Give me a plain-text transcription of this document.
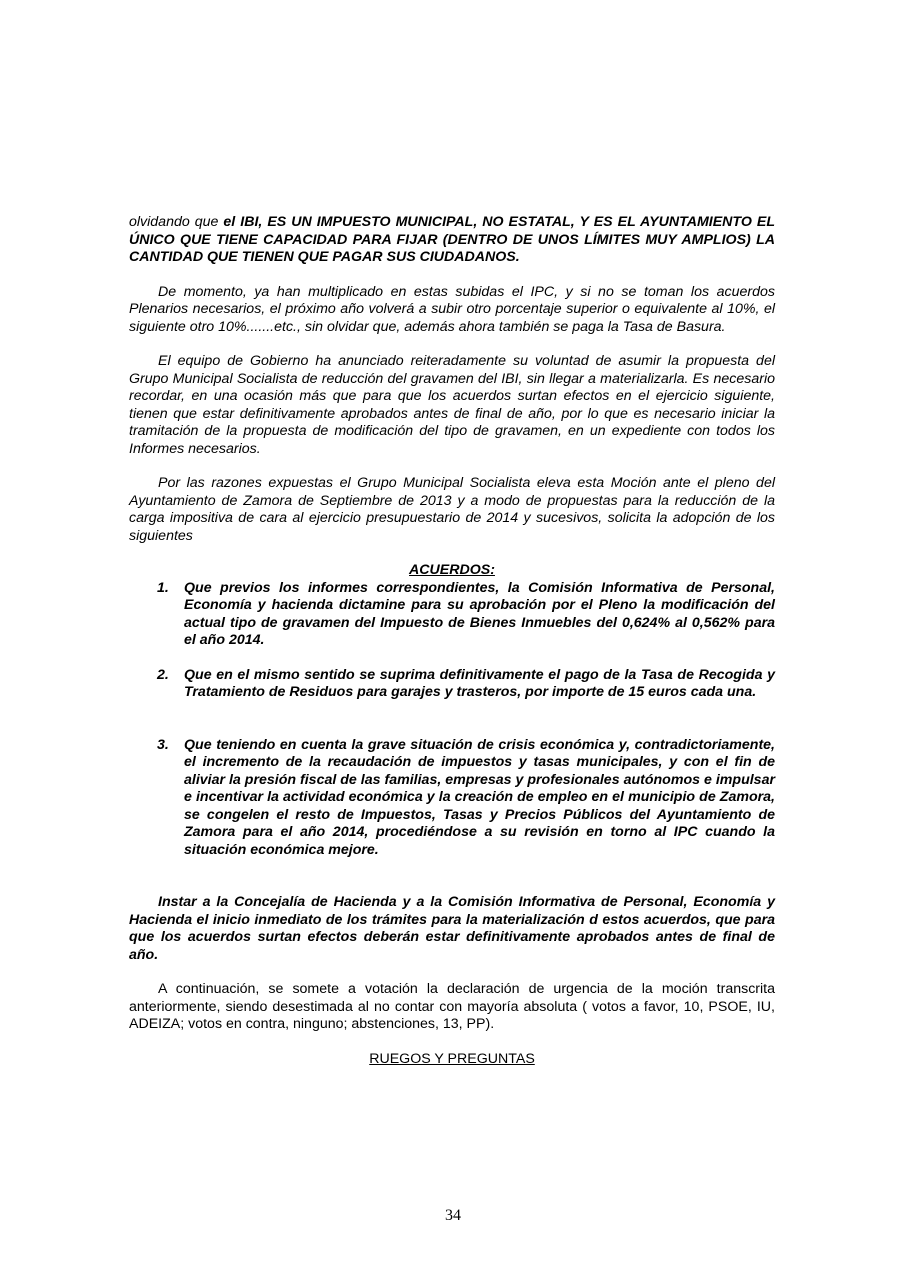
olvidando que el IBI, ES UN IMPUESTO MUNICIPAL, NO ESTATAL, Y ES EL AYUNTAMIENTO EL ÚNICO QUE TIENE CAPACIDAD PARA FIJAR (DENTRO DE UNOS LÍMITES MUY AMPLIOS) LA CANTIDAD QUE TIENEN QUE PAGAR SUS CIUDADANOS.

De momento, ya han multiplicado en estas subidas el IPC, y si no se toman los acuerdos Plenarios necesarios, el próximo año volverá a subir otro porcentaje superior o equivalente al 10%, el siguiente otro 10%.......etc., sin olvidar que, además ahora también se paga la Tasa de Basura.

El equipo de Gobierno ha anunciado reiteradamente su voluntad de asumir la propuesta del Grupo Municipal Socialista de reducción del gravamen del IBI, sin llegar a materializarla. Es necesario recordar, en una ocasión más que para que los acuerdos surtan efectos en el ejercicio siguiente, tienen que estar definitivamente aprobados antes de final de año, por lo que es necesario iniciar la tramitación de la propuesta de modificación del tipo de gravamen, en un expediente con todos los Informes necesarios.

Por las razones expuestas el Grupo Municipal Socialista eleva esta Moción ante el pleno del Ayuntamiento de Zamora de Septiembre de 2013 y a modo de propuestas para la reducción de la carga impositiva de cara al ejercicio presupuestario de 2014 y sucesivos, solicita la adopción de los siguientes

ACUERDOS:

1. Que previos los informes correspondientes, la Comisión Informativa de Personal, Economía y hacienda dictamine para su aprobación por el Pleno la modificación del actual tipo de gravamen del Impuesto de Bienes Inmuebles del 0,624% al 0,562% para el año 2014.
2. Que en el mismo sentido se suprima definitivamente el pago de la Tasa de Recogida y Tratamiento de Residuos para garajes y trasteros, por importe de 15 euros cada una.
3. Que teniendo en cuenta la grave situación de crisis económica y, contradictoriamente, el incremento de la recaudación de impuestos y tasas municipales, y con el fin de aliviar la presión fiscal de las familias, empresas y profesionales autónomos e impulsar e incentivar la actividad económica y la creación de empleo en el municipio de Zamora, se congelen el resto de Impuestos, Tasas y Precios Públicos del Ayuntamiento de Zamora para el año 2014, procediéndose a su revisión en torno al IPC cuando la situación económica mejore.

Instar a la Concejalía de Hacienda y a la Comisión Informativa de Personal, Economía y Hacienda el inicio inmediato de los trámites para la materialización d estos acuerdos, que para que los acuerdos surtan efectos deberán estar definitivamente aprobados antes de final de año.

A continuación, se somete a votación la declaración de urgencia de la moción transcrita anteriormente, siendo desestimada al no contar con mayoría absoluta ( votos a favor, 10, PSOE, IU, ADEIZA; votos en contra, ninguno; abstenciones, 13, PP).

RUEGOS Y PREGUNTAS

34
